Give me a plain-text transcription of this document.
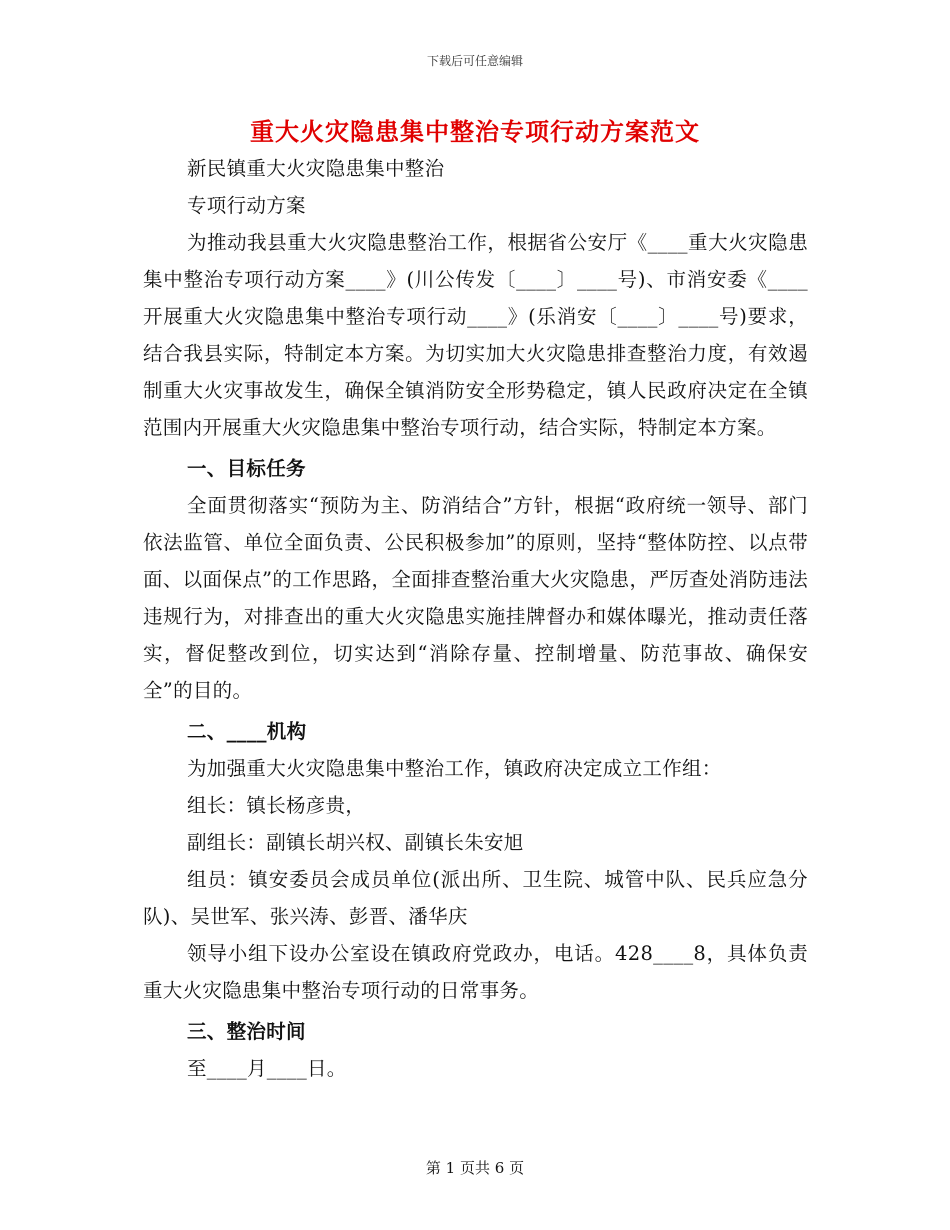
下载后可任意编辑
重大火灾隐患集中整治专项行动方案范文

新民镇重大火灾隐患集中整治

专项行动方案

为推动我县重大火灾隐患整治工作，根据省公安厅《____重大火灾隐患集中整治专项行动方案____》(川公传发〔____〕____号)、市消安委《____开展重大火灾隐患集中整治专项行动____》(乐消安〔____〕____号)要求，结合我县实际，特制定本方案。为切实加大火灾隐患排查整治力度，有效遏制重大火灾事故发生，确保全镇消防安全形势稳定，镇人民政府决定在全镇范围内开展重大火灾隐患集中整治专项行动，结合实际，特制定本方案。

一、目标任务

全面贯彻落实“预防为主、防消结合”方针，根据“政府统一领导、部门依法监管、单位全面负责、公民积极参加”的原则，坚持“整体防控、以点带面、以面保点”的工作思路，全面排查整治重大火灾隐患，严厉查处消防违法违规行为，对排查出的重大火灾隐患实施挂牌督办和媒体曝光，推动责任落实，督促整改到位，切实达到“消除存量、控制增量、防范事故、确保安全”的目的。

二、____机构

为加强重大火灾隐患集中整治工作，镇政府决定成立工作组：

组长：镇长杨彦贵，

副组长：副镇长胡兴权、副镇长朱安旭

组员：镇安委员会成员单位(派出所、卫生院、城管中队、民兵应急分队)、吴世军、张兴涛、彭晋、潘华庆

领导小组下设办公室设在镇政府党政办，电话。428____8，具体负责重大火灾隐患集中整治专项行动的日常事务。

三、整治时间

至____月____日。

第 1 页共 6 页
